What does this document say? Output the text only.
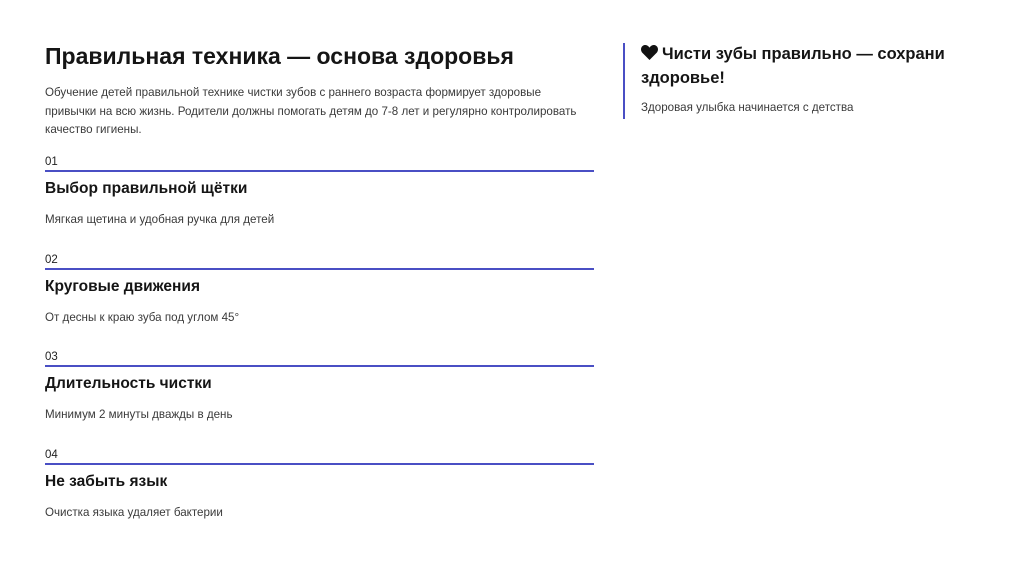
Правильная техника — основа здоровья
Обучение детей правильной технике чистки зубов с раннего возраста формирует здоровые привычки на всю жизнь. Родители должны помогать детям до 7-8 лет и регулярно контролировать качество гигиены.
01
Выбор правильной щётки
Мягкая щетина и удобная ручка для детей
02
Круговые движения
От десны к краю зуба под углом 45°
03
Длительность чистки
Минимум 2 минуты дважды в день
04
Не забыть язык
Очистка языка удаляет бактерии

Чисти зубы правильно — сохрани здоровье!

Здоровая улыбка начинается с детства
